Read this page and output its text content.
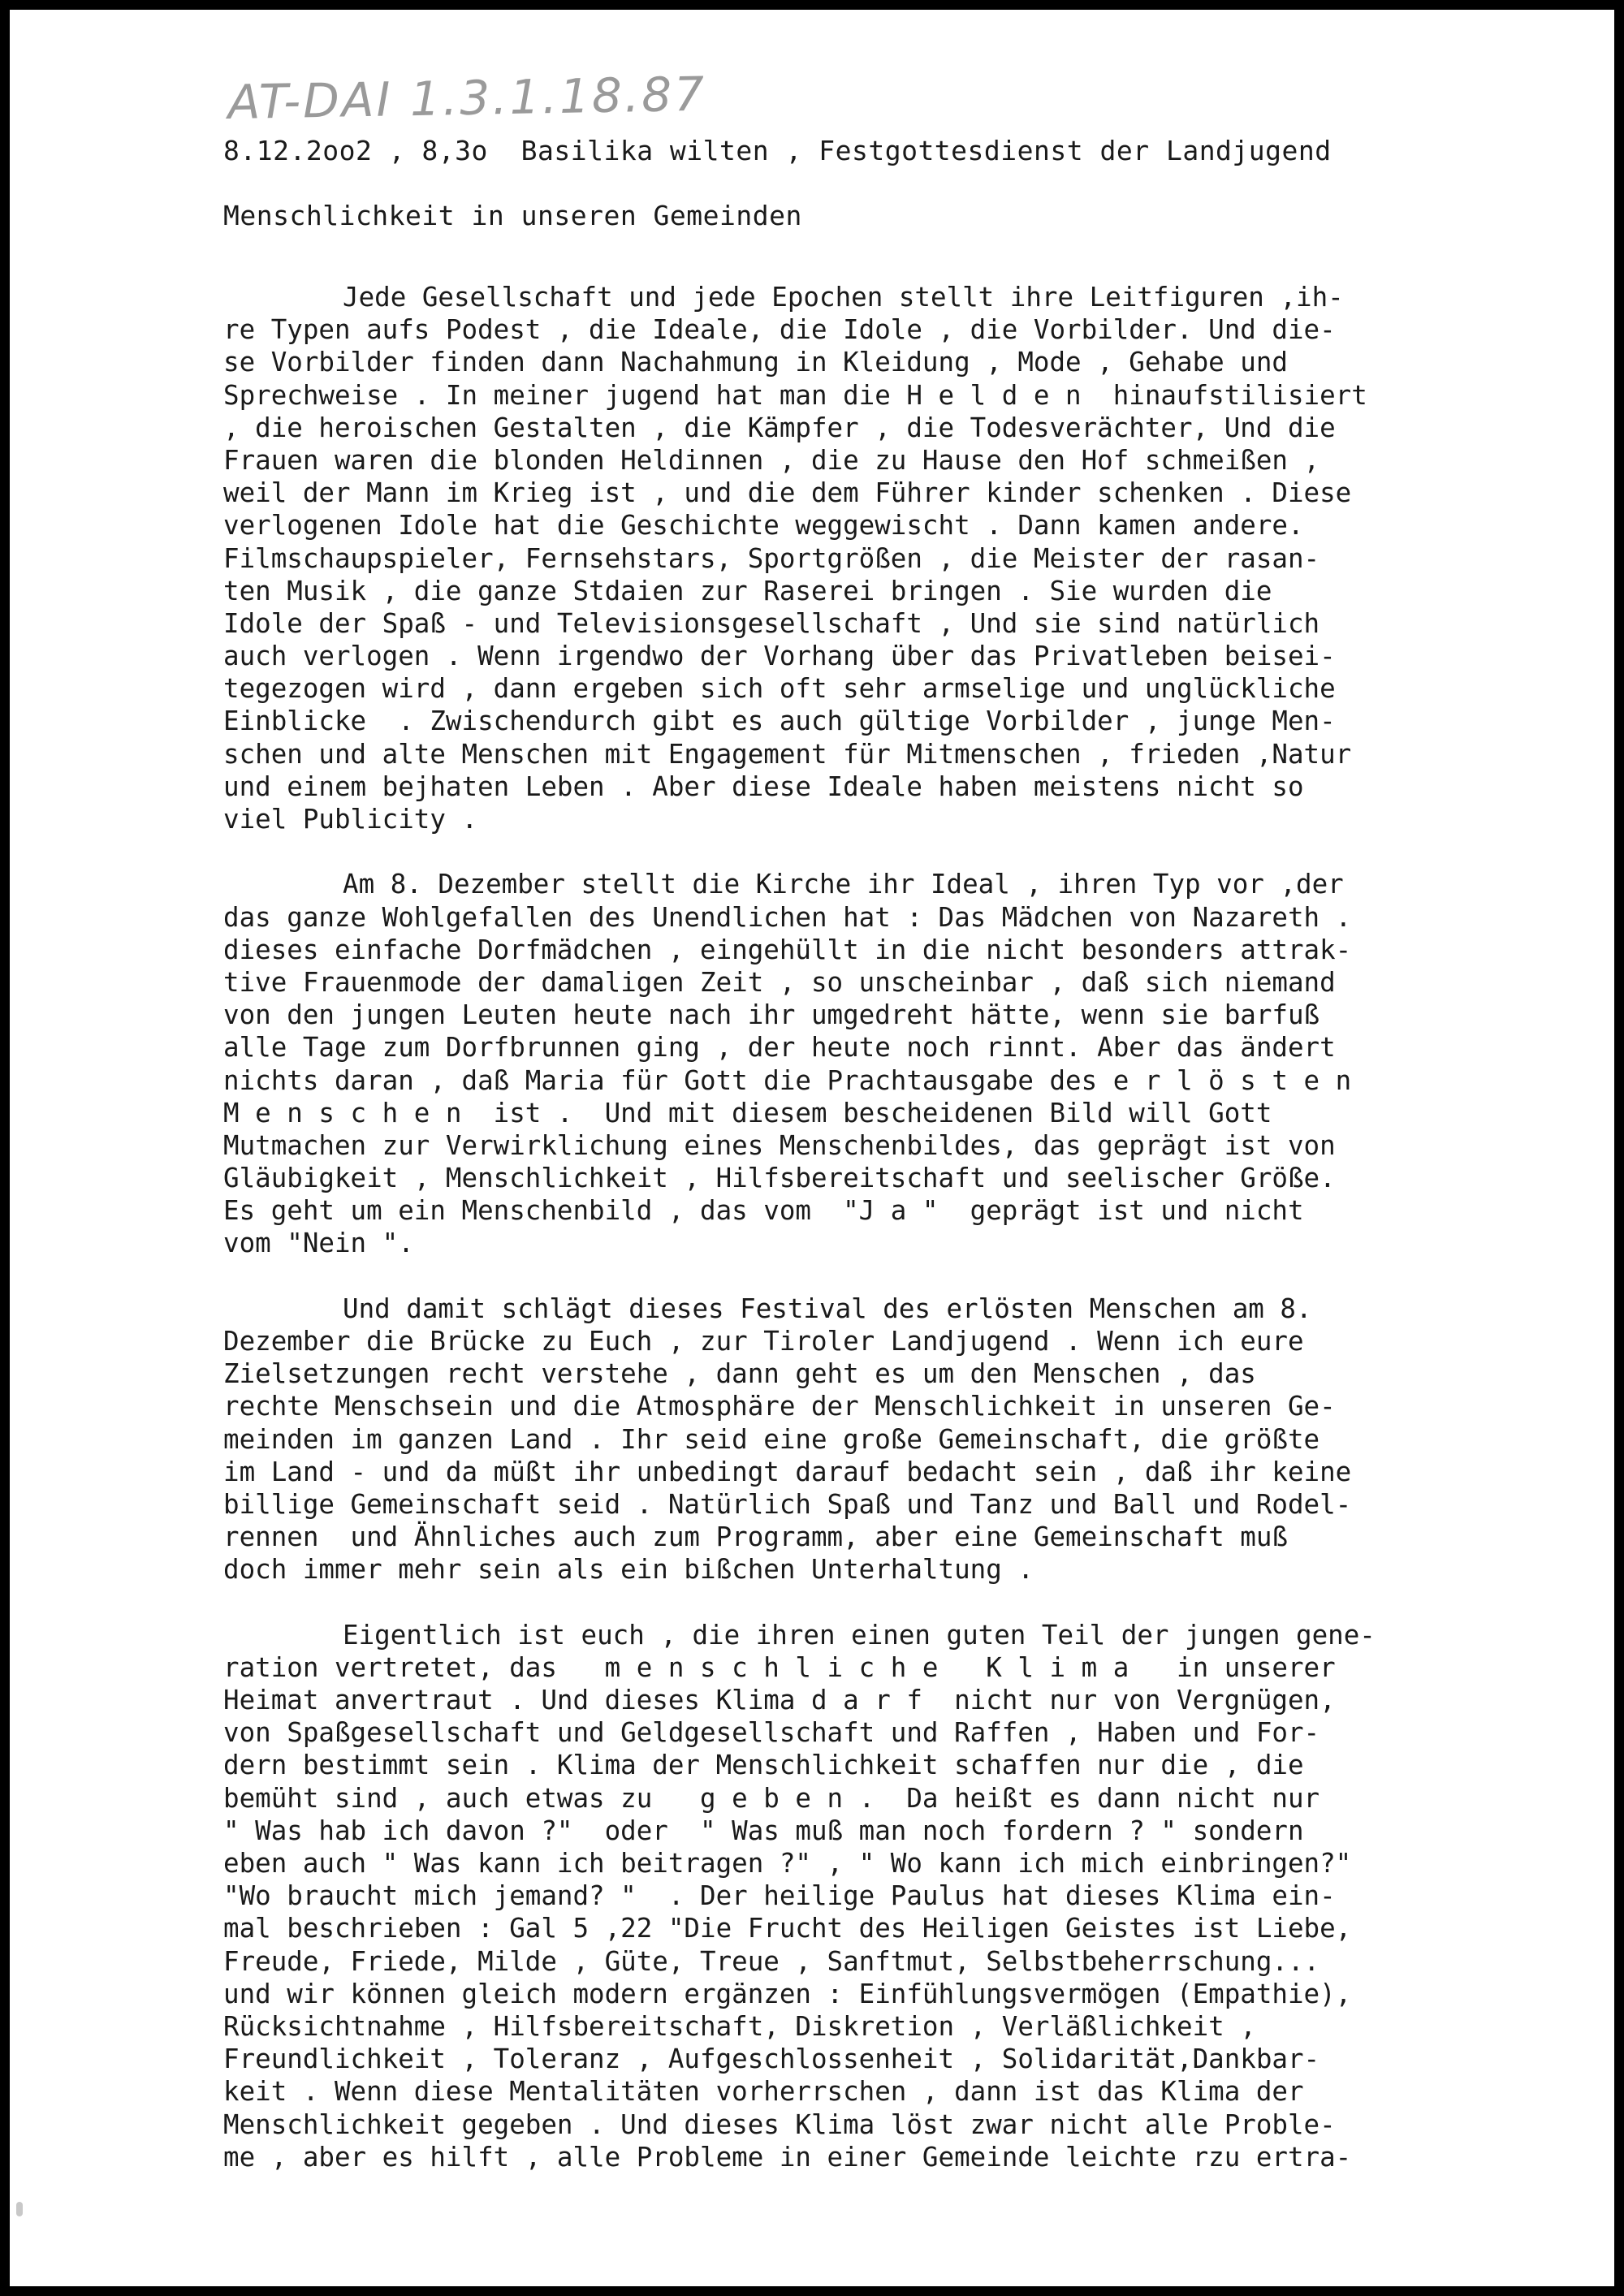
AT-DAI 1.3.1.18.87
8.12.2oo2 , 8,3o  Basilika wilten , Festgottesdienst der Landjugend
Menschlichkeit in unseren Gemeinden
Jede Gesellschaft und jede Epochen stellt ihre Leitfiguren ,ih-
re Typen aufs Podest , die Ideale, die Idole , die Vorbilder. Und die-
se Vorbilder finden dann Nachahmung in Kleidung , Mode , Gehabe und
Sprechweise . In meiner jugend hat man die H e l d e n  hinaufstilisiert
, die heroischen Gestalten , die Kämpfer , die Todesverächter, Und die
Frauen waren die blonden Heldinnen , die zu Hause den Hof schmeißen ,
weil der Mann im Krieg ist , und die dem Führer kinder schenken . Diese
verlogenen Idole hat die Geschichte weggewischt . Dann kamen andere.
Filmschaupspieler, Fernsehstars, Sportgrößen , die Meister der rasan-
ten Musik , die ganze Stdaien zur Raserei bringen . Sie wurden die
Idole der Spaß - und Televisionsgesellschaft , Und sie sind natürlich
auch verlogen . Wenn irgendwo der Vorhang über das Privatleben beisei-
tegezogen wird , dann ergeben sich oft sehr armselige und unglückliche
Einblicke  . Zwischendurch gibt es auch gültige Vorbilder , junge Men-
schen und alte Menschen mit Engagement für Mitmenschen , frieden ,Natur
und einem bejhaten Leben . Aber diese Ideale haben meistens nicht so
viel Publicity .
Am 8. Dezember stellt die Kirche ihr Ideal , ihren Typ vor ,der
das ganze Wohlgefallen des Unendlichen hat : Das Mädchen von Nazareth .
dieses einfache Dorfmädchen , eingehüllt in die nicht besonders attrak-
tive Frauenmode der damaligen Zeit , so unscheinbar , daß sich niemand
von den jungen Leuten heute nach ihr umgedreht hätte, wenn sie barfuß
alle Tage zum Dorfbrunnen ging , der heute noch rinnt. Aber das ändert
nichts daran , daß Maria für Gott die Prachtausgabe des e r l ö s t e n
M e n s c h e n  ist .  Und mit diesem bescheidenen Bild will Gott
Mutmachen zur Verwirklichung eines Menschenbildes, das geprägt ist von
Gläubigkeit , Menschlichkeit , Hilfsbereitschaft und seelischer Größe.
Es geht um ein Menschenbild , das vom  "J a "  geprägt ist und nicht
vom "Nein ".
Und damit schlägt dieses Festival des erlösten Menschen am 8.
Dezember die Brücke zu Euch , zur Tiroler Landjugend . Wenn ich eure
Zielsetzungen recht verstehe , dann geht es um den Menschen , das
rechte Menschsein und die Atmosphäre der Menschlichkeit in unseren Ge-
meinden im ganzen Land . Ihr seid eine große Gemeinschaft, die größte
im Land - und da müßt ihr unbedingt darauf bedacht sein , daß ihr keine
billige Gemeinschaft seid . Natürlich Spaß und Tanz und Ball und Rodel-
rennen  und Ähnliches auch zum Programm, aber eine Gemeinschaft muß
doch immer mehr sein als ein bißchen Unterhaltung .
Eigentlich ist euch , die ihren einen guten Teil der jungen gene-
ration vertretet, das   m e n s c h l i c h e   K l i m a   in unserer
Heimat anvertraut . Und dieses Klima d a r f  nicht nur von Vergnügen,
von Spaßgesellschaft und Geldgesellschaft und Raffen , Haben und For-
dern bestimmt sein . Klima der Menschlichkeit schaffen nur die , die
bemüht sind , auch etwas zu   g e b e n .  Da heißt es dann nicht nur
" Was hab ich davon ?"  oder  " Was muß man noch fordern ? " sondern
eben auch " Was kann ich beitragen ?" , " Wo kann ich mich einbringen?"
"Wo braucht mich jemand? "  . Der heilige Paulus hat dieses Klima ein-
mal beschrieben : Gal 5 ,22 "Die Frucht des Heiligen Geistes ist Liebe,
Freude, Friede, Milde , Güte, Treue , Sanftmut, Selbstbeherrschung...
und wir können gleich modern ergänzen : Einfühlungsvermögen (Empathie),
Rücksichtnahme , Hilfsbereitschaft, Diskretion , Verläßlichkeit ,
Freundlichkeit , Toleranz , Aufgeschlossenheit , Solidarität,Dankbar-
keit . Wenn diese Mentalitäten vorherrschen , dann ist das Klima der
Menschlichkeit gegeben . Und dieses Klima löst zwar nicht alle Proble-
me , aber es hilft , alle Probleme in einer Gemeinde leichte rzu ertra-
